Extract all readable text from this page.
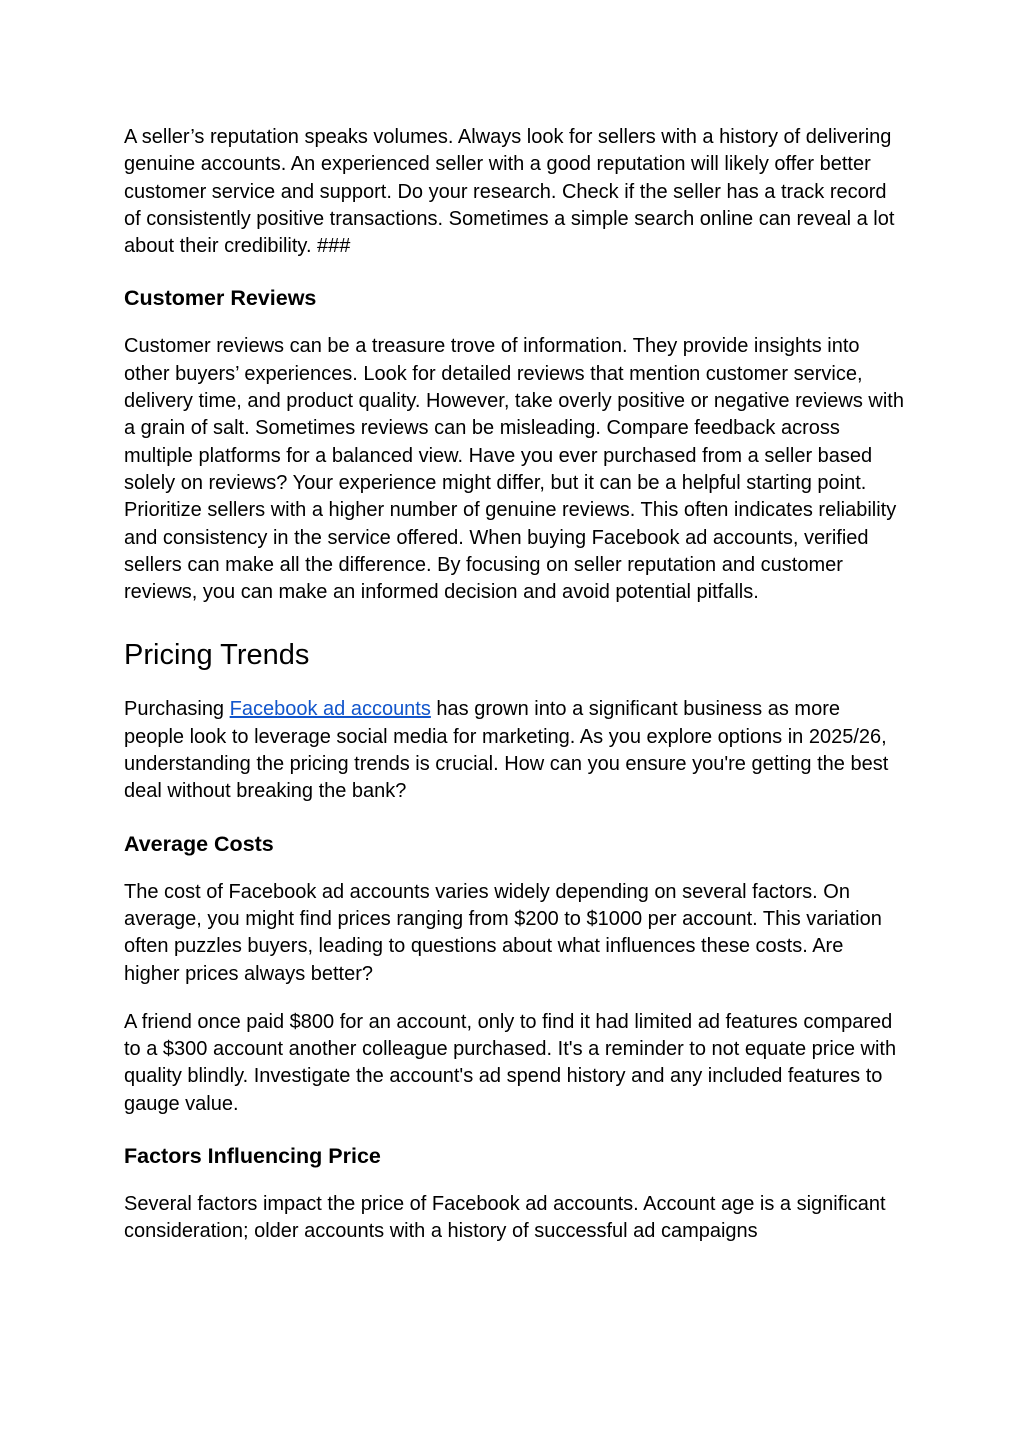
A seller’s reputation speaks volumes. Always look for sellers with a history of delivering genuine accounts. An experienced seller with a good reputation will likely offer better customer service and support. Do your research. Check if the seller has a track record of consistently positive transactions. Sometimes a simple search online can reveal a lot about their credibility. ###

Customer Reviews

Customer reviews can be a treasure trove of information. They provide insights into other buyers’ experiences. Look for detailed reviews that mention customer service, delivery time, and product quality. However, take overly positive or negative reviews with a grain of salt. Sometimes reviews can be misleading. Compare feedback across multiple platforms for a balanced view. Have you ever purchased from a seller based solely on reviews? Your experience might differ, but it can be a helpful starting point. Prioritize sellers with a higher number of genuine reviews. This often indicates reliability and consistency in the service offered. When buying Facebook ad accounts, verified sellers can make all the difference. By focusing on seller reputation and customer reviews, you can make an informed decision and avoid potential pitfalls.

Pricing Trends

Purchasing Facebook ad accounts has grown into a significant business as more people look to leverage social media for marketing. As you explore options in 2025/26, understanding the pricing trends is crucial. How can you ensure you're getting the best deal without breaking the bank?

Average Costs

The cost of Facebook ad accounts varies widely depending on several factors. On average, you might find prices ranging from $200 to $1000 per account. This variation often puzzles buyers, leading to questions about what influences these costs. Are higher prices always better?

A friend once paid $800 for an account, only to find it had limited ad features compared to a $300 account another colleague purchased. It's a reminder to not equate price with quality blindly. Investigate the account's ad spend history and any included features to gauge value.

Factors Influencing Price

Several factors impact the price of Facebook ad accounts. Account age is a significant consideration; older accounts with a history of successful ad campaigns
